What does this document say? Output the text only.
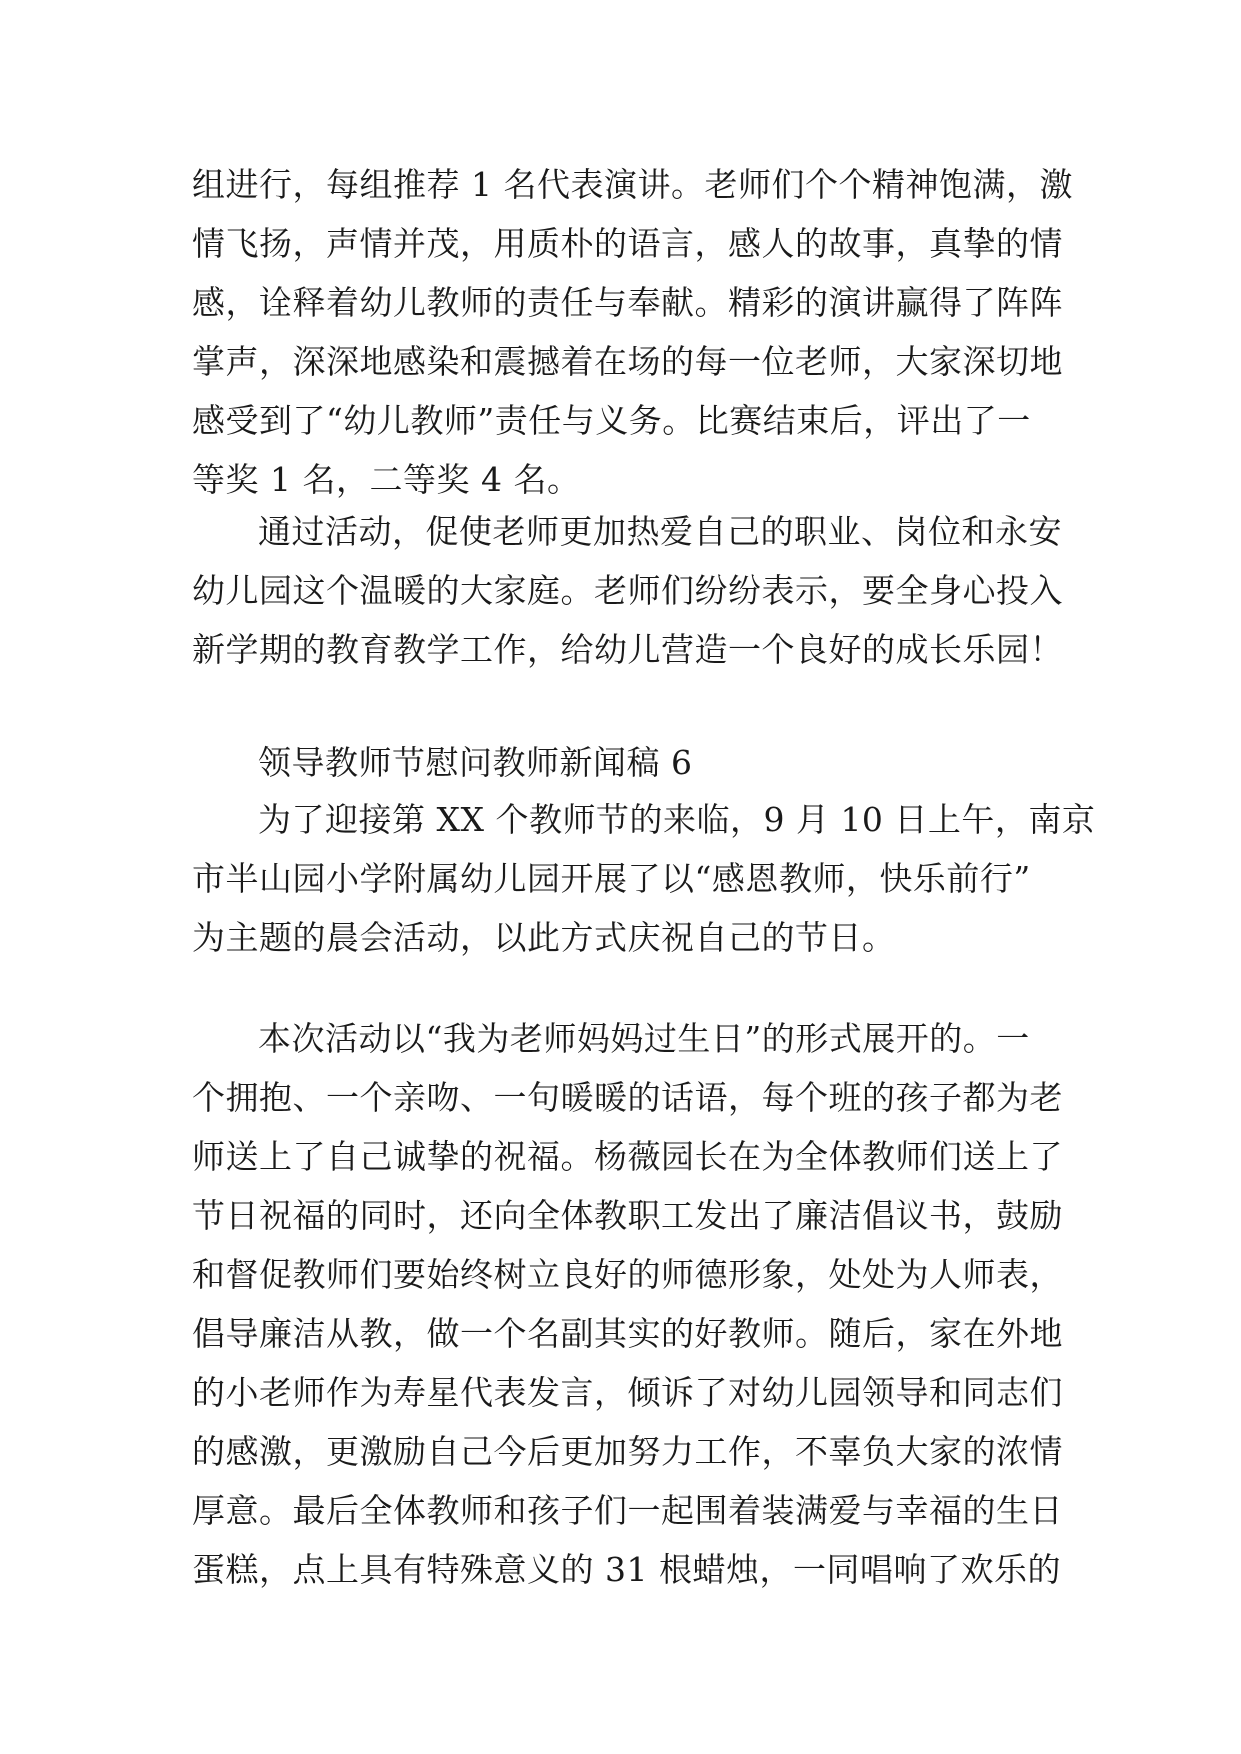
组进行，每组推荐 1 名代表演讲。老师们个个精神饱满，激
情飞扬，声情并茂，用质朴的语言，感人的故事，真挚的情
感，诠释着幼儿教师的责任与奉献。精彩的演讲赢得了阵阵
掌声，深深地感染和震撼着在场的每一位老师，大家深切地
感受到了“幼儿教师”责任与义务。比赛结束后，评出了一
等奖 1 名，二等奖 4 名。
通过活动，促使老师更加热爱自己的职业、岗位和永安
幼儿园这个温暖的大家庭。老师们纷纷表示，要全身心投入
新学期的教育教学工作，给幼儿营造一个良好的成长乐园！
领导教师节慰问教师新闻稿 6
为了迎接第 XX 个教师节的来临，9 月 10 日上午，南京
市半山园小学附属幼儿园开展了以“感恩教师，快乐前行”
为主题的晨会活动，以此方式庆祝自己的节日。
本次活动以“我为老师妈妈过生日”的形式展开的。一
个拥抱、一个亲吻、一句暖暖的话语，每个班的孩子都为老
师送上了自己诚挚的祝福。杨薇园长在为全体教师们送上了
节日祝福的同时，还向全体教职工发出了廉洁倡议书，鼓励
和督促教师们要始终树立良好的师德形象，处处为人师表，
倡导廉洁从教，做一个名副其实的好教师。随后，家在外地
的小老师作为寿星代表发言，倾诉了对幼儿园领导和同志们
的感激，更激励自己今后更加努力工作，不辜负大家的浓情
厚意。最后全体教师和孩子们一起围着装满爱与幸福的生日
蛋糕，点上具有特殊意义的 31 根蜡烛，一同唱响了欢乐的
